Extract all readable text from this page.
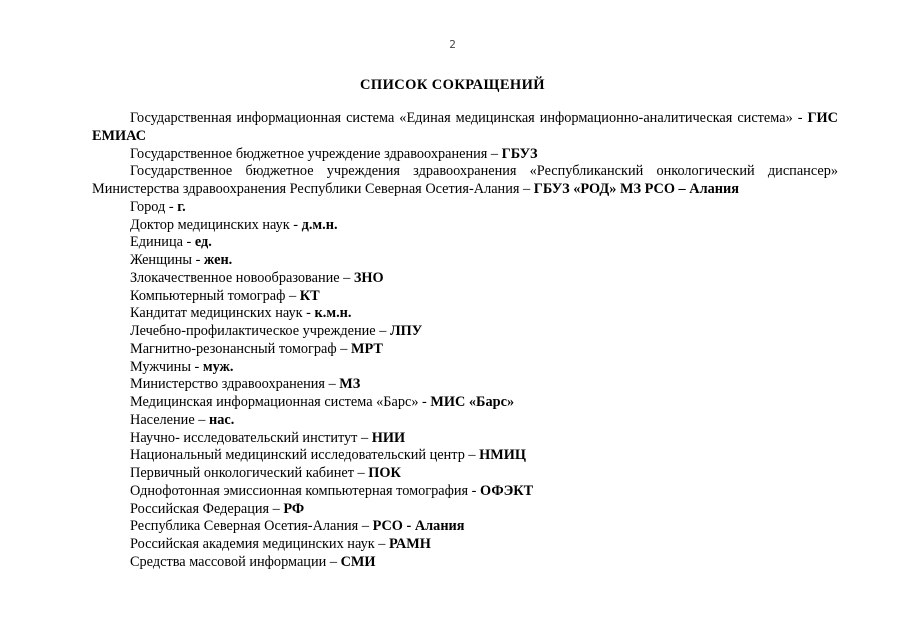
2
СПИСОК СОКРАЩЕНИЙ

Государственная информационная система «Единая медицинская информационно-аналитическая система» - ГИС ЕМИАС

Государственное бюджетное учреждение здравоохранения – ГБУЗ

Государственное бюджетное учреждения здравоохранения «Республиканский онкологический диспансер» Министерства здравоохранения Республики Северная Осетия-Алания – ГБУЗ «РОД» МЗ РСО – Алания

Город - г.

Доктор медицинских наук - д.м.н.

Единица - ед.

Женщины - жен.

Злокачественное новообразование – ЗНО

Компьютерный томограф – КТ

Кандитат медицинских наук - к.м.н.

Лечебно-профилактическое учреждение – ЛПУ

Магнитно-резонансный томограф – МРТ

Мужчины - муж.

Министерство здравоохранения – МЗ

Медицинская информационная система «Барс» - МИС «Барс»

Население – нас.

Научно- исследовательский институт – НИИ

Национальный медицинский исследовательский центр – НМИЦ

Первичный онкологический кабинет – ПОК

Однофотонная эмиссионная компьютерная томография - ОФЭКТ

Российская Федерация – РФ

Республика Северная Осетия-Алания – РСО - Алания

Российская академия медицинских наук – РАМН

Средства массовой информации – СМИ
